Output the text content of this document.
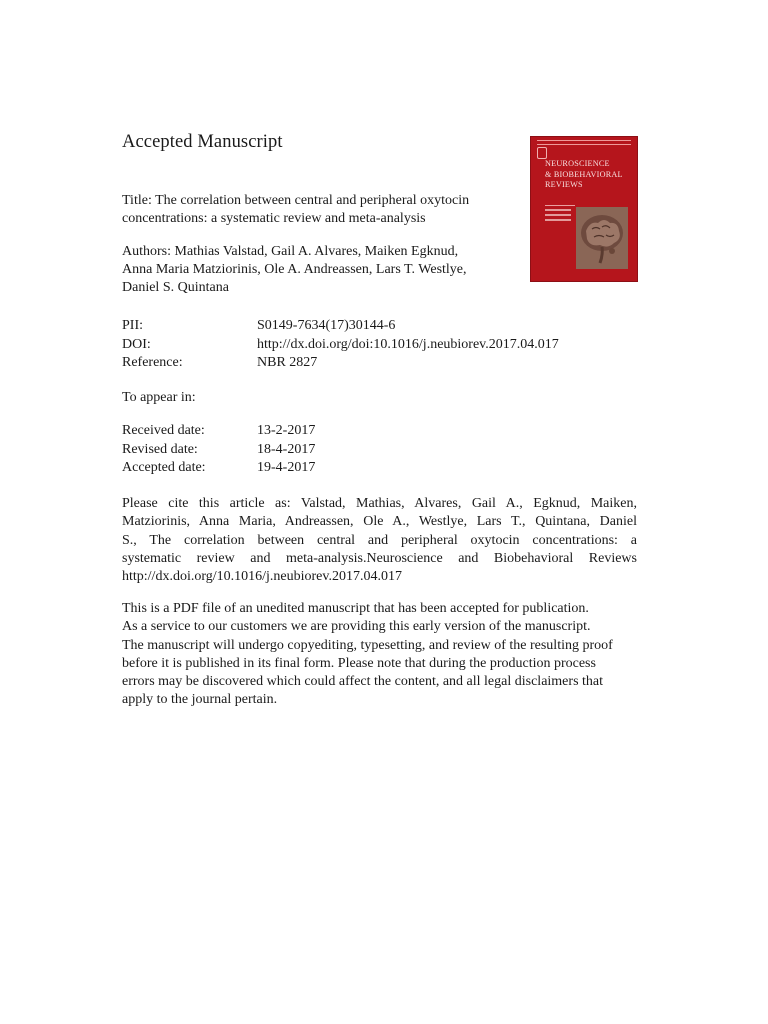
Accepted Manuscript
NEUROSCIENCE
& BIOBEHAVIORAL
REVIEWS
Title: The correlation between central and peripheral oxytocin
concentrations: a systematic review and meta-analysis
Authors: Mathias Valstad, Gail A. Alvares, Maiken Egknud,
Anna Maria Matziorinis, Ole A. Andreassen, Lars T. Westlye,
Daniel S. Quintana
PII:	S0149-7634(17)30144-6
DOI:	http://dx.doi.org/doi:10.1016/j.neubiorev.2017.04.017
Reference:	NBR 2827
To appear in:
Received date:	13-2-2017
Revised date:	18-4-2017
Accepted date:	19-4-2017
Please cite this article as: Valstad, Mathias, Alvares, Gail A., Egknud, Maiken,
Matziorinis, Anna Maria, Andreassen, Ole A., Westlye, Lars T., Quintana, Daniel
S., The correlation between central and peripheral oxytocin concentrations: a
systematic review and meta-analysis.Neuroscience and Biobehavioral Reviews
http://dx.doi.org/10.1016/j.neubiorev.2017.04.017
This is a PDF file of an unedited manuscript that has been accepted for publication.
As a service to our customers we are providing this early version of the manuscript.
The manuscript will undergo copyediting, typesetting, and review of the resulting proof
before it is published in its final form. Please note that during the production process
errors may be discovered which could affect the content, and all legal disclaimers that
apply to the journal pertain.
